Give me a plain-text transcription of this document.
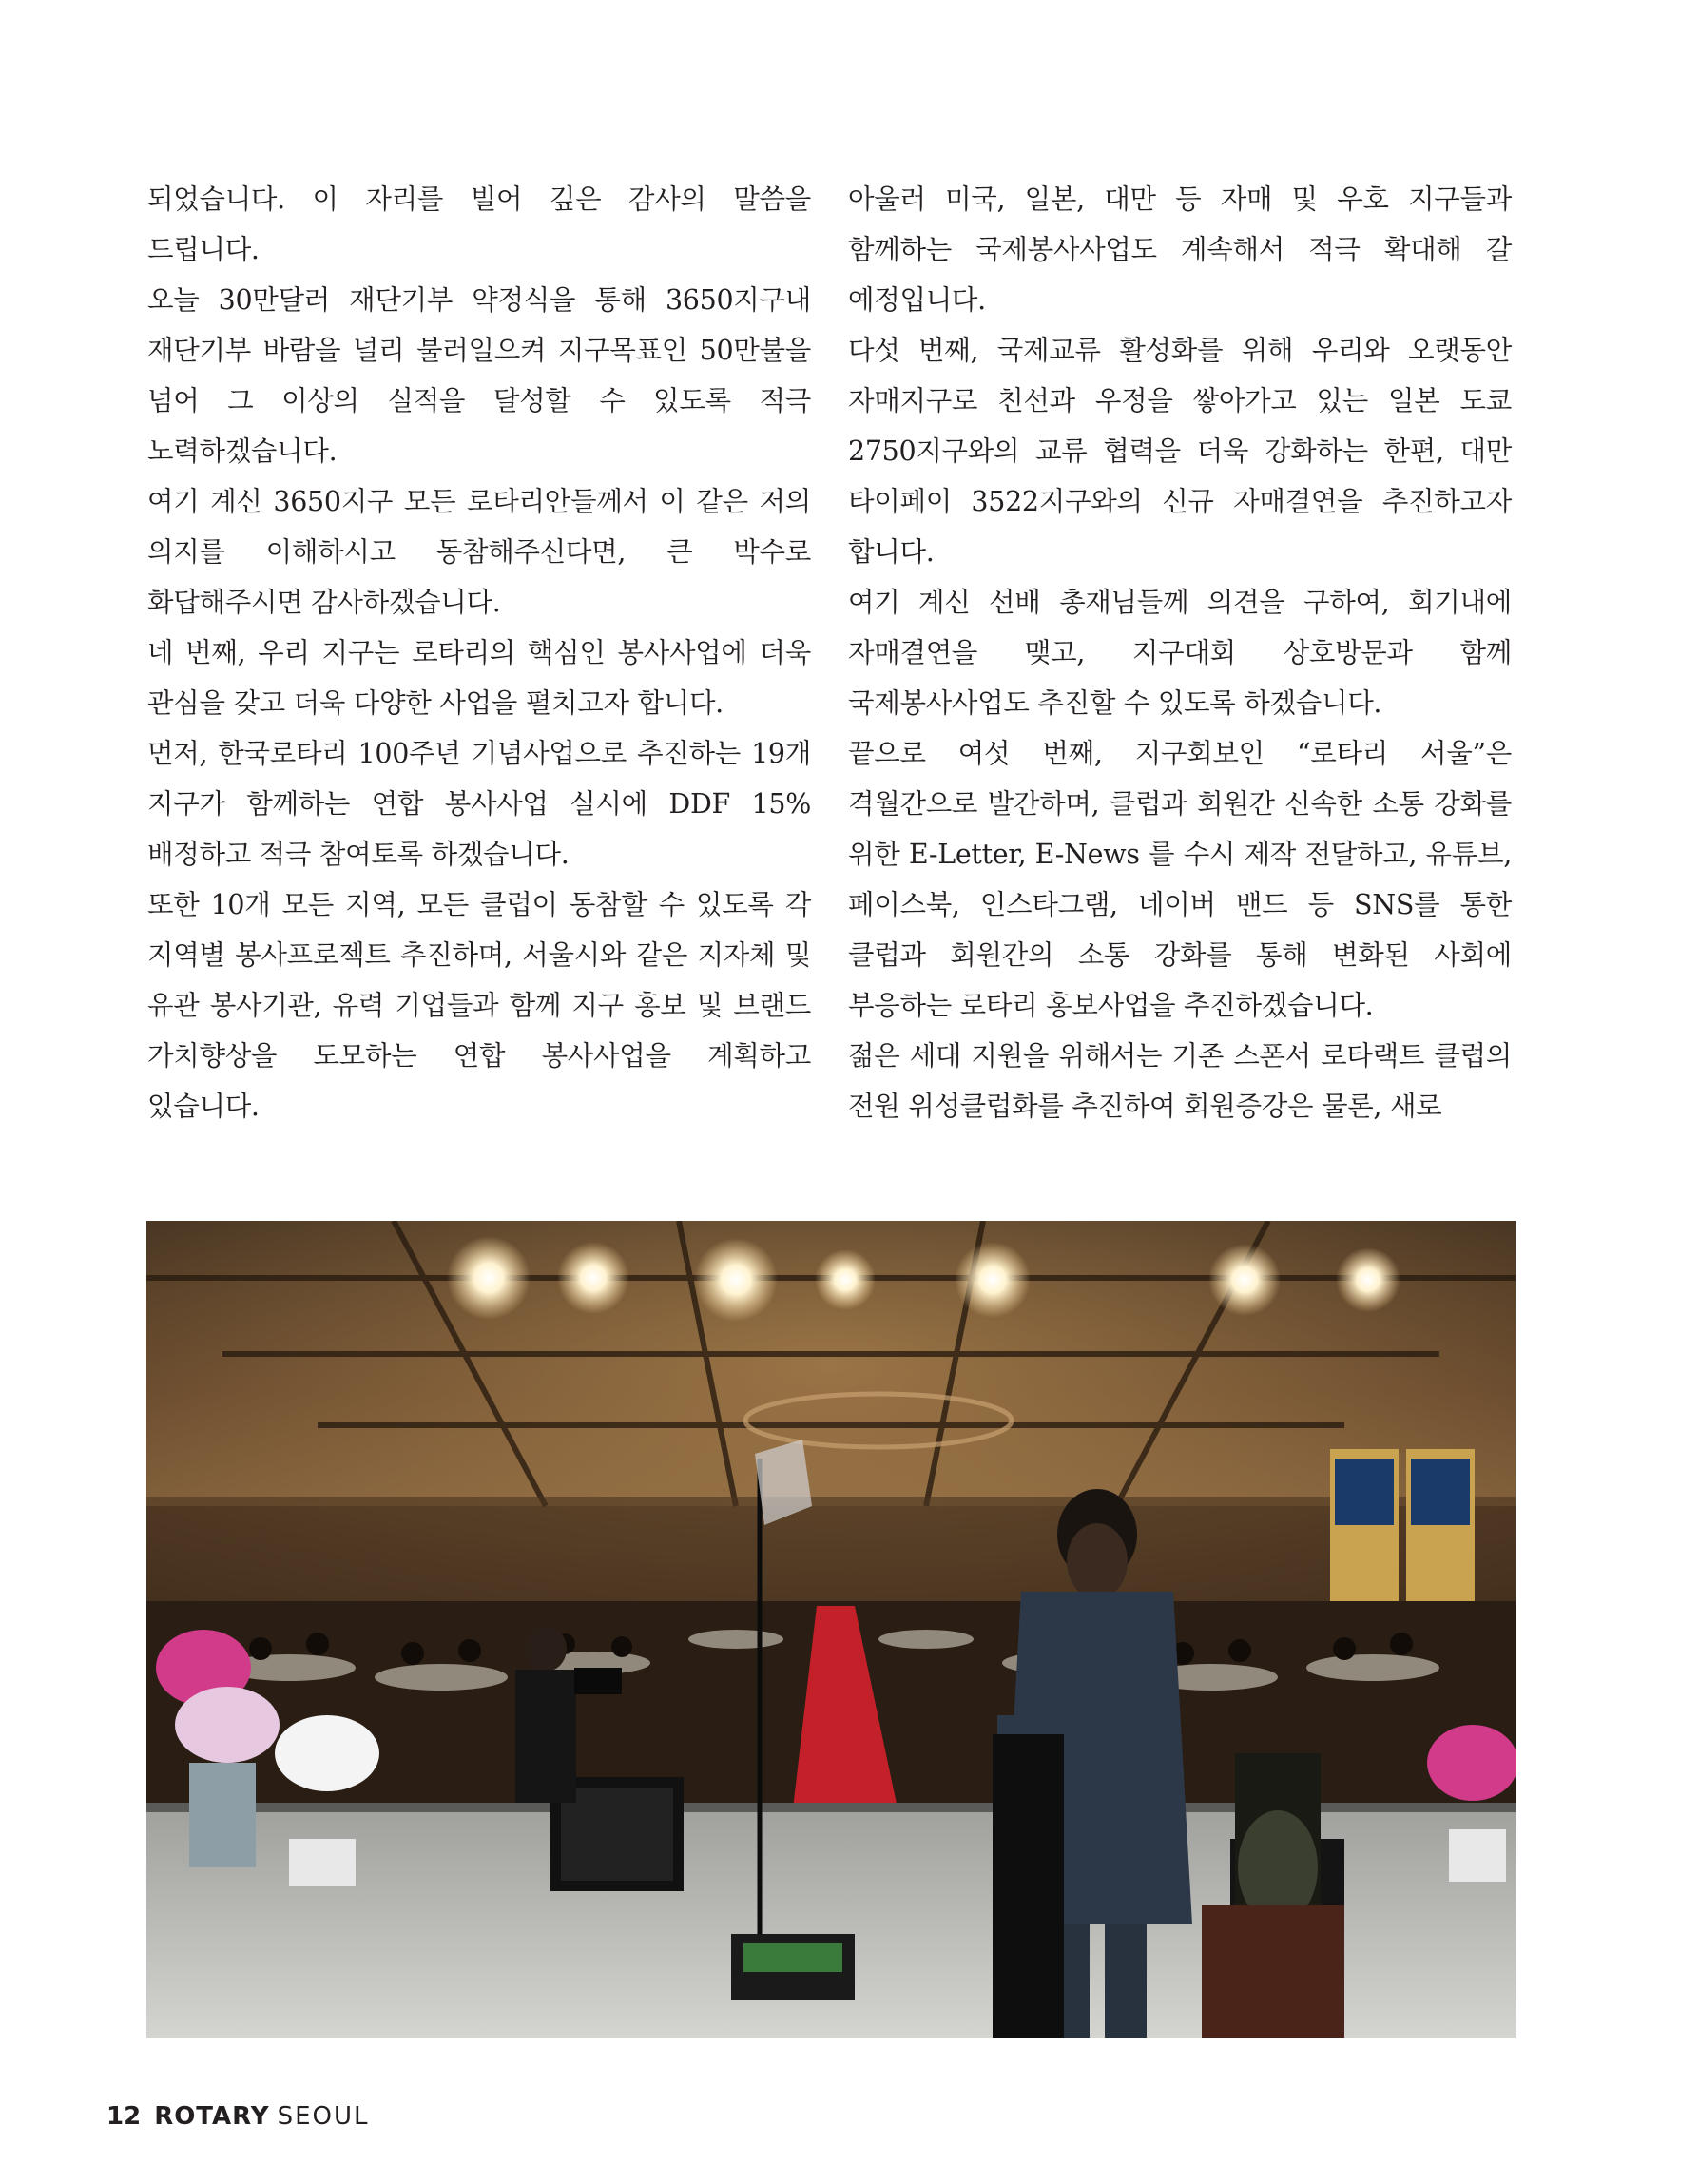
되었습니다. 이 자리를 빌어 깊은 감사의 말씀을 드립니다.

오늘 30만달러 재단기부 약정식을 통해 3650지구내 재단기부 바람을 널리 불러일으켜 지구목표인 50만불을 넘어 그 이상의 실적을 달성할 수 있도록 적극 노력하겠습니다.

여기 계신 3650지구 모든 로타리안들께서 이 같은 저의 의지를 이해하시고 동참해주신다면, 큰 박수로 화답해주시면 감사하겠습니다.

네 번째, 우리 지구는 로타리의 핵심인 봉사사업에 더욱 관심을 갖고 더욱 다양한 사업을 펼치고자 합니다.

먼저, 한국로타리 100주년 기념사업으로 추진하는 19개 지구가 함께하는 연합 봉사사업 실시에 DDF 15% 배정하고 적극 참여토록 하겠습니다.

또한 10개 모든 지역, 모든 클럽이 동참할 수 있도록 각 지역별 봉사프로젝트 추진하며, 서울시와 같은 지자체 및 유관 봉사기관, 유력 기업들과 함께 지구 홍보 및 브랜드 가치향상을 도모하는 연합 봉사사업을 계획하고 있습니다.

아울러 미국, 일본, 대만 등 자매 및 우호 지구들과 함께하는 국제봉사사업도 계속해서 적극 확대해 갈 예정입니다.

다섯 번째, 국제교류 활성화를 위해 우리와 오랫동안 자매지구로 친선과 우정을 쌓아가고 있는 일본 도쿄 2750지구와의 교류 협력을 더욱 강화하는 한편, 대만 타이페이 3522지구와의 신규 자매결연을 추진하고자 합니다.

여기 계신 선배 총재님들께 의견을 구하여, 회기내에 자매결연을 맺고, 지구대회 상호방문과 함께 국제봉사사업도 추진할 수 있도록 하겠습니다.

끝으로 여섯 번째, 지구회보인 “로타리 서울”은 격월간으로 발간하며, 클럽과 회원간 신속한 소통 강화를 위한 E-Letter, E-News 를 수시 제작 전달하고, 유튜브, 페이스북, 인스타그램, 네이버 밴드 등 SNS를 통한 클럽과 회원간의 소통 강화를 통해 변화된 사회에 부응하는 로타리 홍보사업을 추진하겠습니다.

젊은 세대 지원을 위해서는 기존 스폰서 로타랙트 클럽의 전원 위성클럽화를 추진하여 회원증강은 물론, 새로

12 ROTARY SEOUL
